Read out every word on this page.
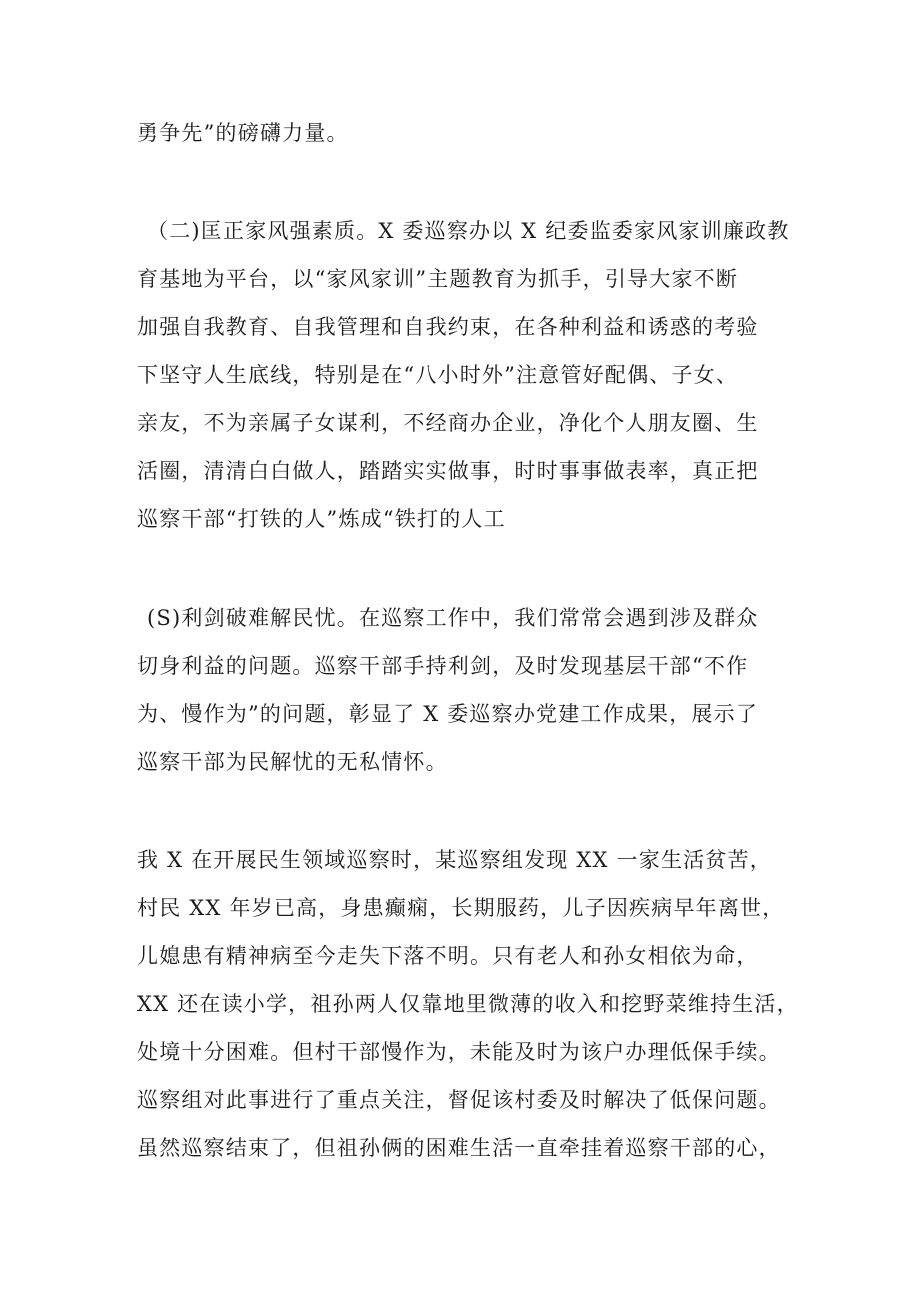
勇争先”的磅礴力量。

（二)匡正家风强素质。X 委巡察办以 X 纪委监委家风家训廉政教

育基地为平台，以“家风家训”主题教育为抓手，引导大家不断

加强自我教育、自我管理和自我约束，在各种利益和诱惑的考验

下坚守人生底线，特别是在“八小时外”注意管好配偶、子女、

亲友，不为亲属子女谋利，不经商办企业，净化个人朋友圈、生

活圈，清清白白做人，踏踏实实做事，时时事事做表率，真正把

巡察干部“打铁的人”炼成“铁打的人工

(S)利剑破难解民忧。在巡察工作中，我们常常会遇到涉及群众

切身利益的问题。巡察干部手持利剑，及时发现基层干部“不作

为、慢作为”的问题，彰显了 X 委巡察办党建工作成果，展示了

巡察干部为民解忧的无私情怀。

我 X 在开展民生领域巡察时，某巡察组发现 XX 一家生活贫苦，

村民 XX 年岁已高，身患癫痫，长期服药，儿子因疾病早年离世，

儿媳患有精神病至今走失下落不明。只有老人和孙女相依为命，

XX 还在读小学，祖孙两人仅靠地里微薄的收入和挖野菜维持生活，

处境十分困难。但村干部慢作为，未能及时为该户办理低保手续。

巡察组对此事进行了重点关注，督促该村委及时解决了低保问题。

虽然巡察结束了，但祖孙俩的困难生活一直牵挂着巡察干部的心，
